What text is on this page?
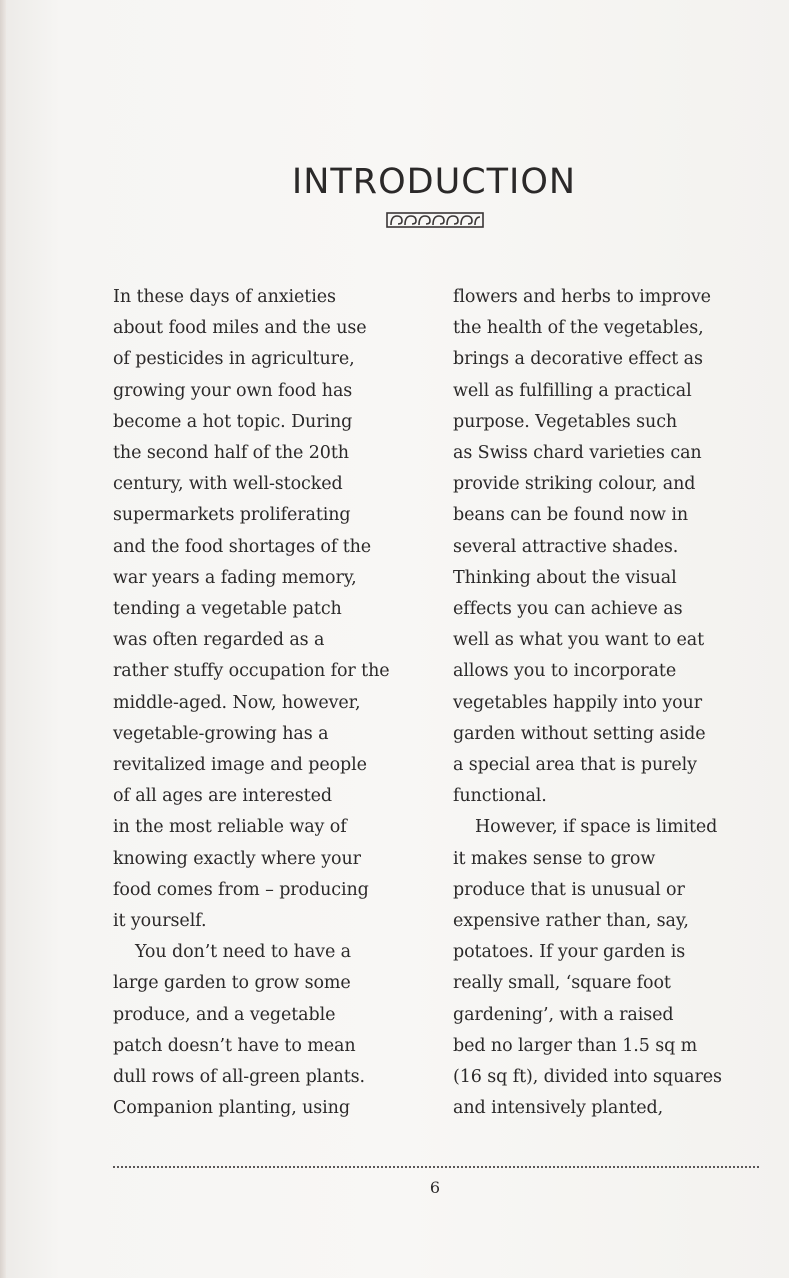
INTRODUCTION

In these days of anxieties
about food miles and the use
of pesticides in agriculture,
growing your own food has
become a hot topic. During
the second half of the 20th
century, with well-stocked
supermarkets proliferating
and the food shortages of the
war years a fading memory,
tending a vegetable patch
was often regarded as a
rather stuffy occupation for the
middle-aged. Now, however,
vegetable-growing has a
revitalized image and people
of all ages are interested
in the most reliable way of
knowing exactly where your
food comes from – producing
it yourself.

You don’t need to have a
large garden to grow some
produce, and a vegetable
patch doesn’t have to mean
dull rows of all-green plants.
Companion planting, using

flowers and herbs to improve
the health of the vegetables,
brings a decorative effect as
well as fulfilling a practical
purpose. Vegetables such
as Swiss chard varieties can
provide striking colour, and
beans can be found now in
several attractive shades.
Thinking about the visual
effects you can achieve as
well as what you want to eat
allows you to incorporate
vegetables happily into your
garden without setting aside
a special area that is purely
functional.

However, if space is limited
it makes sense to grow
produce that is unusual or
expensive rather than, say,
potatoes. If your garden is
really small, ‘square foot
gardening’, with a raised
bed no larger than 1.5 sq m
(16 sq ft), divided into squares
and intensively planted,

6
